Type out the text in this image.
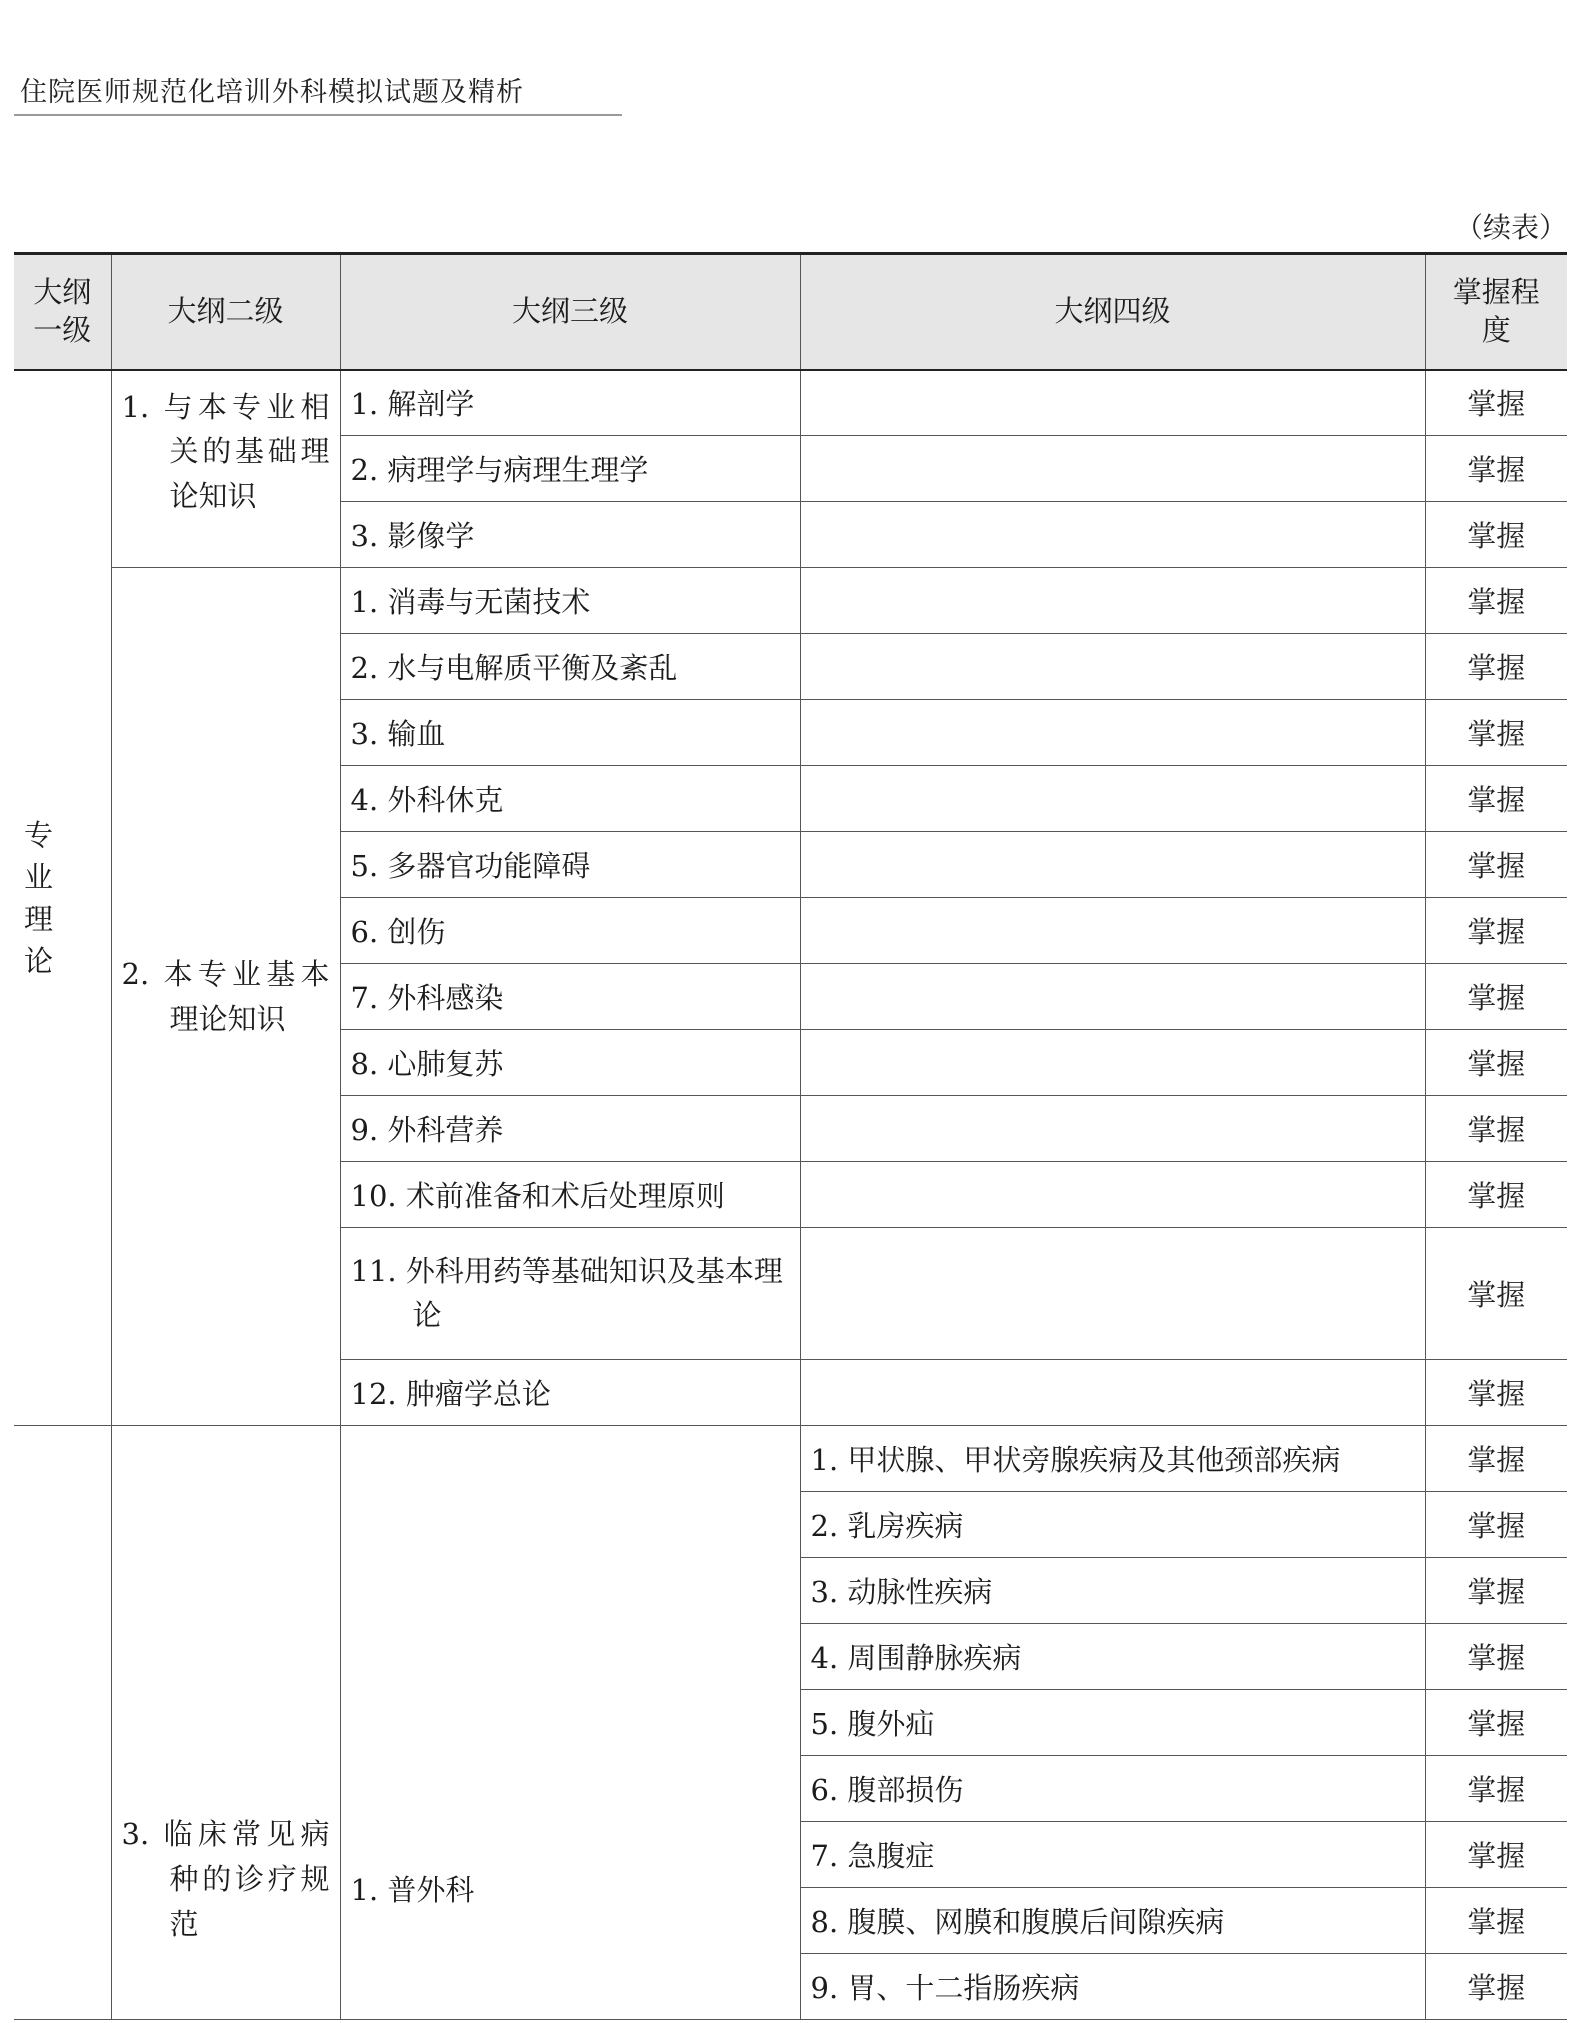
住院医师规范化培训外科模拟试题及精析
（续表）
大纲一级	大纲二级	大纲三级	大纲四级	掌握程度
专业理论	1. 与本专业相关的基础理论知识	1. 解剖学		掌握
		2. 病理学与病理生理学		掌握
		3. 影像学		掌握

	2. 本专业基本理论知识	1. 消毒与无菌技术		掌握
		2. 水与电解质平衡及紊乱		掌握
		3. 输血		掌握
		4. 外科休克		掌握
		5. 多器官功能障碍		掌握
		6. 创伤		掌握
		7. 外科感染		掌握
		8. 心肺复苏		掌握
		9. 外科营养		掌握
		10. 术前准备和术后处理原则		掌握

		11. 外科用药等基础知识及基本理论		掌握
		12. 肿瘤学总论		掌握

	3. 临床常见病种的诊疗规范	1. 普外科	1. 甲状腺、甲状旁腺疾病及其他颈部疾病	掌握
			2. 乳房疾病	掌握
			3. 动脉性疾病	掌握
			4. 周围静脉疾病	掌握
			5. 腹外疝	掌握
			6. 腹部损伤	掌握
			7. 急腹症	掌握
			8. 腹膜、网膜和腹膜后间隙疾病	掌握
			9. 胃、十二指肠疾病	掌握
